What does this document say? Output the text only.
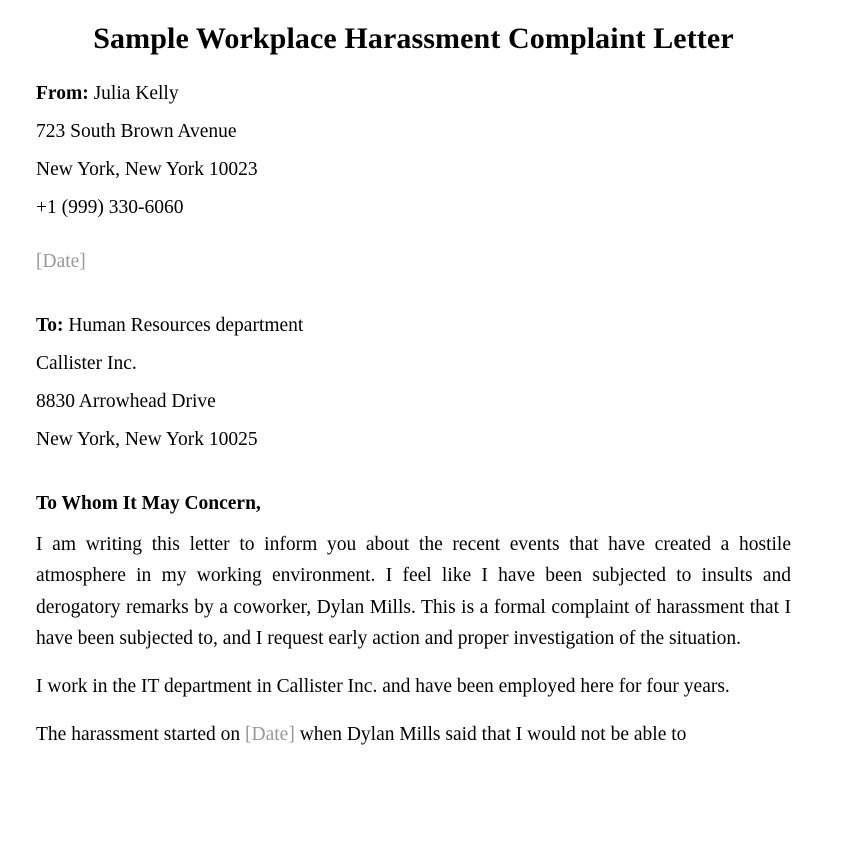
Sample Workplace Harassment Complaint Letter

From: Julia Kelly

723 South Brown Avenue

New York, New York 10023

+1 (999) 330-6060

[Date]

To: Human Resources department

Callister Inc.

8830 Arrowhead Drive

New York, New York 10025

To Whom It May Concern,

I am writing this letter to inform you about the recent events that have created a hostile atmosphere in my working environment. I feel like I have been subjected to insults and derogatory remarks by a coworker, Dylan Mills. This is a formal complaint of harassment that I have been subjected to, and I request early action and proper investigation of the situation.

I work in the IT department in Callister Inc. and have been employed here for four years.

The harassment started on [Date] when Dylan Mills said that I would not be able to
